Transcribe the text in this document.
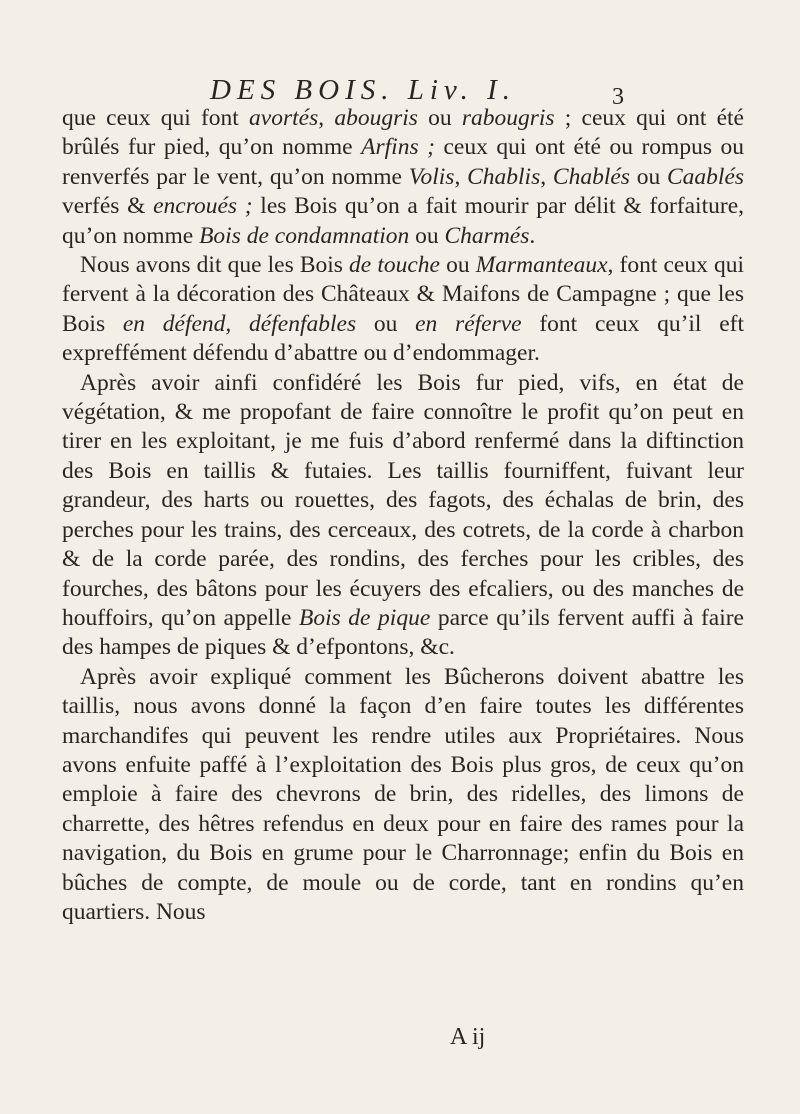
DES BOIS. Liv. I.	3

que ceux qui font avortés, abougris ou rabougris ; ceux qui ont été brûlés fur pied, qu’on nomme Arfins ; ceux qui ont été ou rompus ou renverfés par le vent, qu’on nomme Volis, Chablis, Chablés ou Caablés verfés & encroués ; les Bois qu’on a fait mourir par délit & forfaiture, qu’on nomme Bois de condamnation ou Charmés.

Nous avons dit que les Bois de touche ou Marmanteaux, font ceux qui fervent à la décoration des Châteaux & Maifons de Campagne ; que les Bois en défend, défenfables ou en réferve font ceux qu’il eft expreffément défendu d’abattre ou d’endommager.

Après avoir ainfi confidéré les Bois fur pied, vifs, en état de végétation, & me propofant de faire connoître le profit qu’on peut en tirer en les exploitant, je me fuis d’abord renfermé dans la diftinction des Bois en taillis & futaies. Les taillis fourniffent, fuivant leur grandeur, des harts ou rouettes, des fagots, des échalas de brin, des perches pour les trains, des cerceaux, des cotrets, de la corde à charbon & de la corde parée, des rondins, des ferches pour les cribles, des fourches, des bâtons pour les écuyers des efcaliers, ou des manches de houffoirs, qu’on appelle Bois de pique parce qu’ils fervent auffi à faire des hampes de piques & d’efpontons, &c.

Après avoir expliqué comment les Bûcherons doivent abattre les taillis, nous avons donné la façon d’en faire toutes les différentes marchandifes qui peuvent les rendre utiles aux Propriétaires. Nous avons enfuite paffé à l’exploitation des Bois plus gros, de ceux qu’on emploie à faire des chevrons de brin, des ridelles, des limons de charrette, des hêtres refendus en deux pour en faire des rames pour la navigation, du Bois en grume pour le Charronnage; enfin du Bois en bûches de compte, de moule ou de corde, tant en rondins qu’en quartiers. Nous

A ij
